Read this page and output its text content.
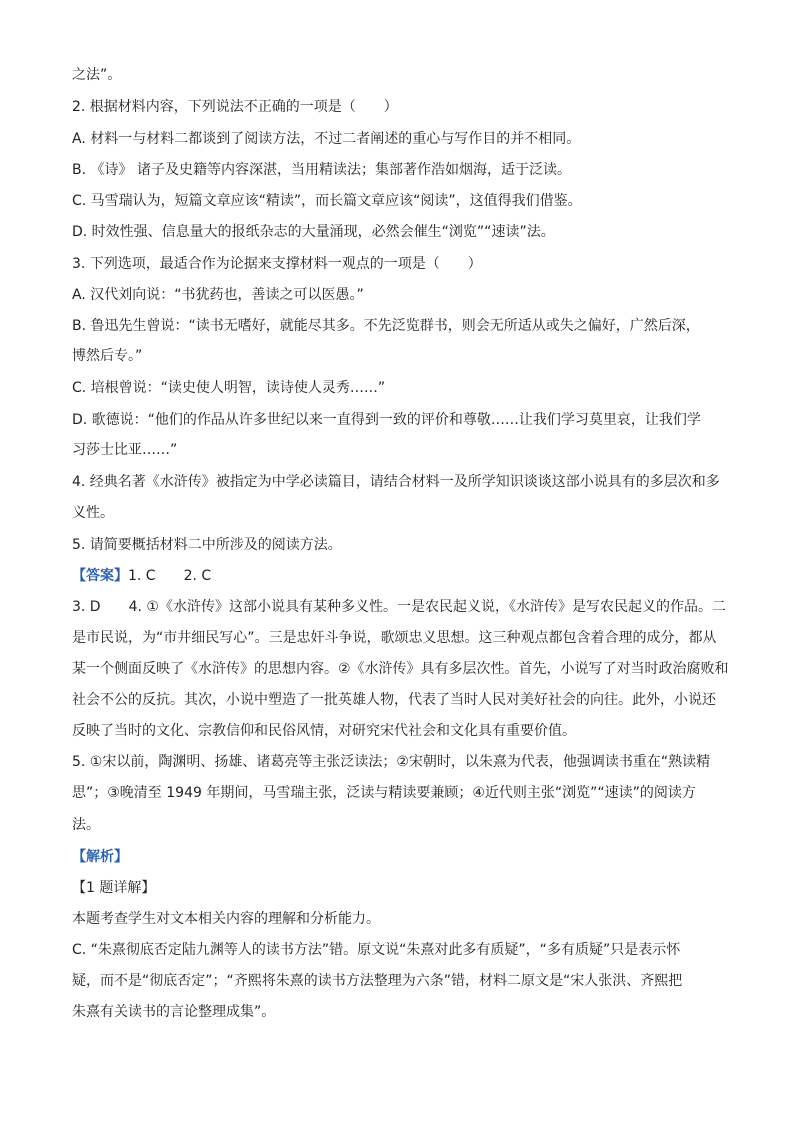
之法”。
2. 根据材料内容，下列说法不正确的一项是（　　）
A. 材料一与材料二都谈到了阅读方法，不过二者阐述的重心与写作目的并不相同。
B. 《诗》 诸子及史籍等内容深湛，当用精读法；集部著作浩如烟海，适于泛读。
C. 马雪瑞认为，短篇文章应该“精读”，而长篇文章应该“阅读”，这值得我们借鉴。
D. 时效性强、信息量大的报纸杂志的大量涌现，必然会催生“浏览”“速读”法。
3. 下列选项，最适合作为论据来支撑材料一观点的一项是（　　）
A. 汉代刘向说：“书犹药也，善读之可以医愚。”
B. 鲁迅先生曾说：“读书无嗜好，就能尽其多。不先泛览群书，则会无所适从或失之偏好，广然后深，
博然后专。”
C. 培根曾说：“读史使人明智，读诗使人灵秀……”
D. 歌德说：“他们的作品从许多世纪以来一直得到一致的评价和尊敬……让我们学习莫里哀，让我们学
习莎士比亚……”
4. 经典名著《水浒传》被指定为中学必读篇目，请结合材料一及所学知识谈谈这部小说具有的多层次和多
义性。
5. 请简要概括材料二中所涉及的阅读方法。
【答案】1. C　　2. C
3. D　　4. ①《水浒传》这部小说具有某种多义性。一是农民起义说，《水浒传》是写农民起义的作品。二
是市民说，为“市井细民写心”。三是忠奸斗争说，歌颂忠义思想。这三种观点都包含着合理的成分，都从
某一个侧面反映了《水浒传》的思想内容。②《水浒传》具有多层次性。首先，小说写了对当时政治腐败和
社会不公的反抗。其次，小说中塑造了一批英雄人物，代表了当时人民对美好社会的向往。此外，小说还
反映了当时的文化、宗教信仰和民俗风情，对研究宋代社会和文化具有重要价值。
5. ①宋以前，陶渊明、扬雄、诸葛亮等主张泛读法；②宋朝时，以朱熹为代表，他强调读书重在“熟读精
思”；③晚清至 1949 年期间，马雪瑞主张，泛读与精读要兼顾；④近代则主张“浏览”“速读”的阅读方
法。
【解析】
【1 题详解】
本题考查学生对文本相关内容的理解和分析能力。
C. “朱熹彻底否定陆九渊等人的读书方法”错。原文说“朱熹对此多有质疑”，“多有质疑”只是表示怀
疑，而不是“彻底否定”；“齐熙将朱熹的读书方法整理为六条”错，材料二原文是“宋人张洪、齐熙把
朱熹有关读书的言论整理成集”。
